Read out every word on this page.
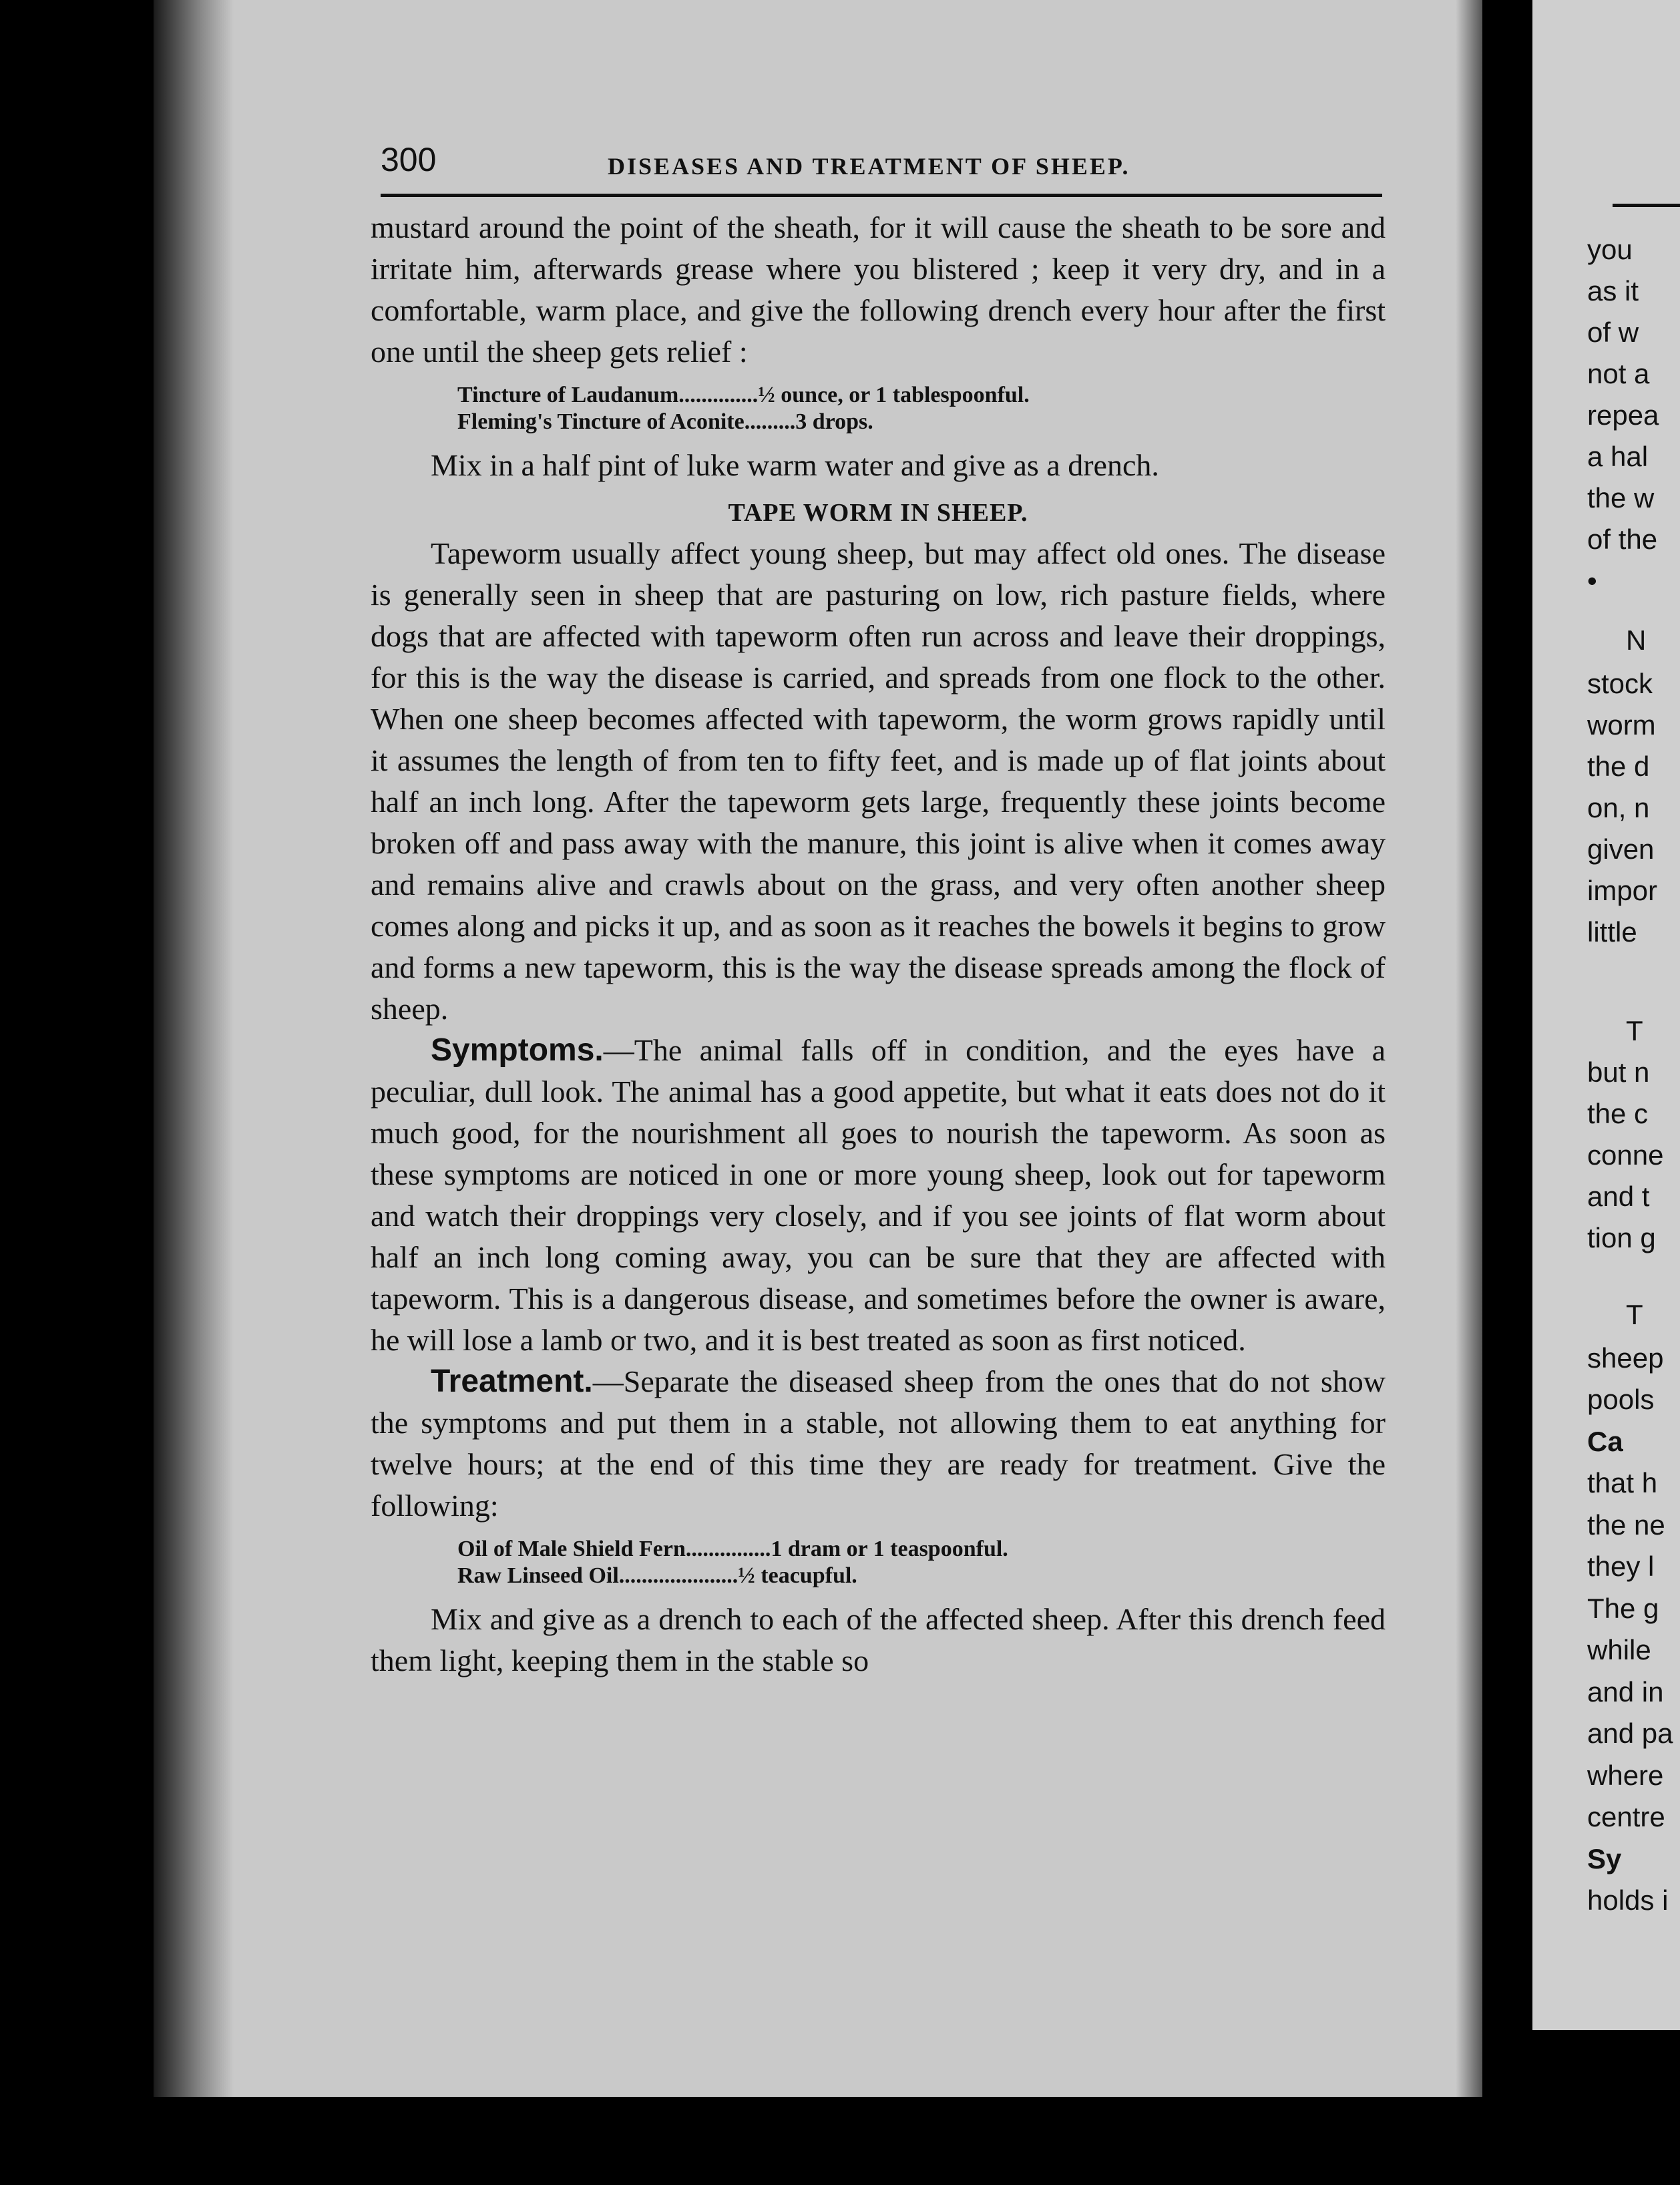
300	DISEASES AND TREATMENT OF SHEEP.

mustard around the point of the sheath, for it will cause the sheath to be sore and irritate him, afterwards grease where you blistered ; keep it very dry, and in a comfortable, warm place, and give the following drench every hour after the first one until the sheep gets relief :

Tincture of Laudanum..............½ ounce, or 1 tablespoonful.
Fleming's Tincture of Aconite.........3 drops.

Mix in a half pint of luke warm water and give as a drench.

TAPE WORM IN SHEEP.

Tapeworm usually affect young sheep, but may affect old ones. The disease is generally seen in sheep that are pasturing on low, rich pasture fields, where dogs that are affected with tapeworm often run across and leave their droppings, for this is the way the disease is carried, and spreads from one flock to the other. When one sheep becomes affected with tapeworm, the worm grows rapidly until it assumes the length of from ten to fifty feet, and is made up of flat joints about half an inch long. After the tapeworm gets large, frequently these joints become broken off and pass away with the manure, this joint is alive when it comes away and remains alive and crawls about on the grass, and very often another sheep comes along and picks it up, and as soon as it reaches the bowels it begins to grow and forms a new tapeworm, this is the way the disease spreads among the flock of sheep.

Symptoms.—The animal falls off in condition, and the eyes have a peculiar, dull look. The animal has a good appetite, but what it eats does not do it much good, for the nourishment all goes to nourish the tapeworm. As soon as these symptoms are noticed in one or more young sheep, look out for tapeworm and watch their droppings very closely, and if you see joints of flat worm about half an inch long coming away, you can be sure that they are affected with tapeworm. This is a dangerous disease, and sometimes before the owner is aware, he will lose a lamb or two, and it is best treated as soon as first noticed.

Treatment.—Separate the diseased sheep from the ones that do not show the symptoms and put them in a stable, not allowing them to eat anything for twelve hours; at the end of this time they are ready for treatment. Give the following:

Oil of Male Shield Fern...............1 dram or 1 teaspoonful.
Raw Linseed Oil.....................½ teacupful.

Mix and give as a drench to each of the affected sheep. After this drench feed them light, keeping them in the stable so

you
as it
of w
not a
repea
a hal
the w
of the
•
N
stock
worm
the d
on, n
given
impor
little
T
but n
the c
conne
and t
tion g
T
sheep
pools
Ca
that h
the ne
they l
The g
while
and in
and pa
where
centre
Sy
holds i
